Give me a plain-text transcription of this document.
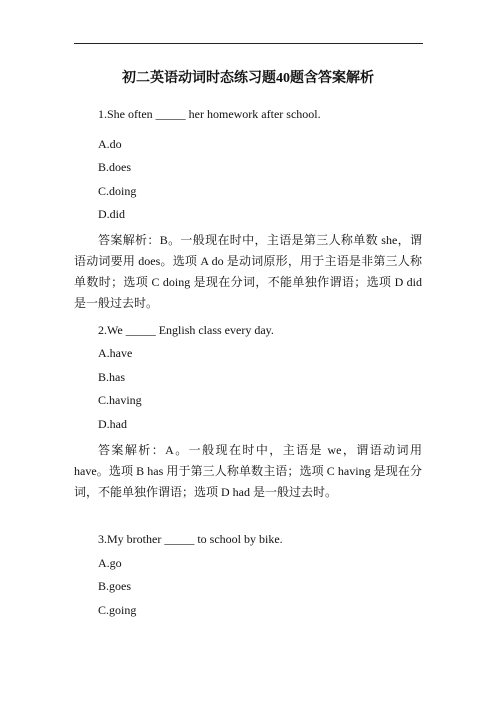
初二英语动词时态练习题40题含答案解析
1.She often _____ her homework after school.
A.do
B.does
C.doing
D.did
答案解析：B。一般现在时中，主语是第三人称单数 she，谓语动词要用 does。选项 A do 是动词原形，用于主语是非第三人称单数时；选项 C doing 是现在分词，不能单独作谓语；选项 D did 是一般过去时。
2.We _____ English class every day.
A.have
B.has
C.having
D.had
答案解析：A。一般现在时中，主语是 we，谓语动词用 have。选项 B has 用于第三人称单数主语；选项 C having 是现在分词，不能单独作谓语；选项 D had 是一般过去时。
3.My brother _____ to school by bike.
A.go
B.goes
C.going
